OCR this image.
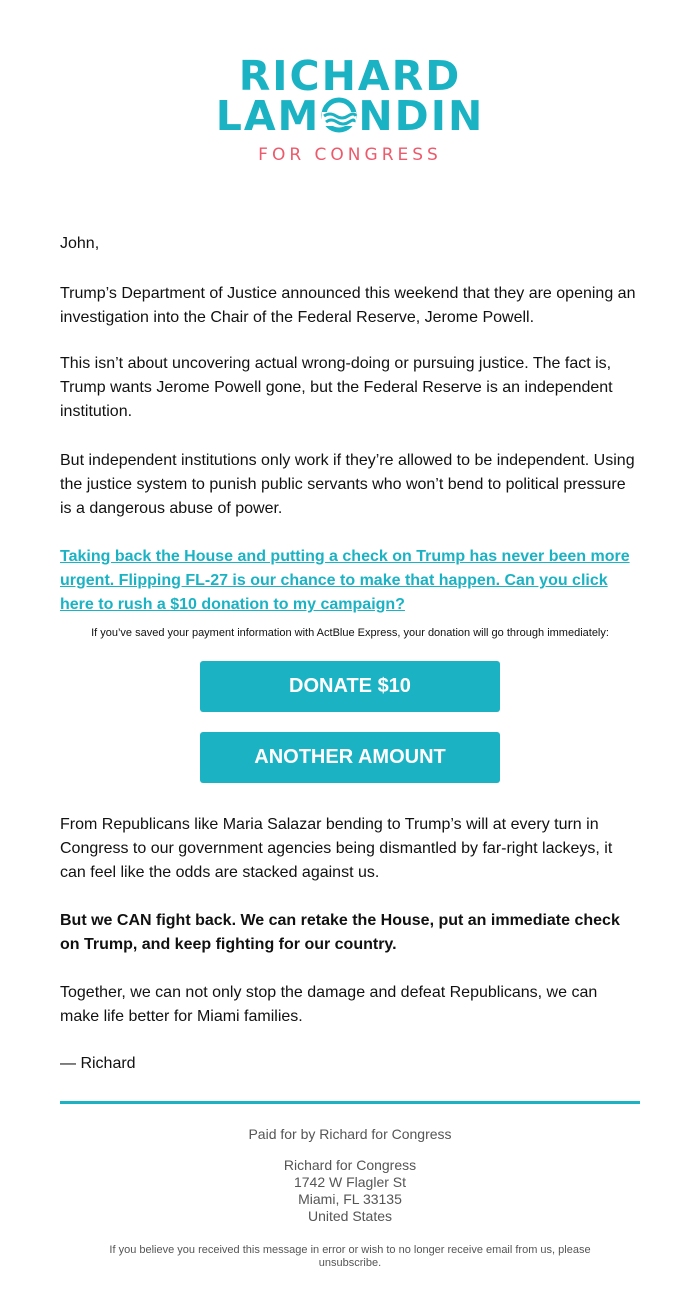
RICHARD
LAM NDIN
FOR CONGRESS

John,

Trump’s Department of Justice announced this weekend that they are opening an investigation into the Chair of the Federal Reserve, Jerome Powell.

This isn’t about uncovering actual wrong-doing or pursuing justice. The fact is, Trump wants Jerome Powell gone, but the Federal Reserve is an independent institution.

But independent institutions only work if they’re allowed to be independent. Using the justice system to punish public servants who won’t bend to political pressure is a dangerous abuse of power.

Taking back the House and putting a check on Trump has never been more urgent. Flipping FL-27 is our chance to make that happen. Can you click here to rush a $10 donation to my campaign?

If you’ve saved your payment information with ActBlue Express, your donation will go through immediately:
DONATE $10
ANOTHER AMOUNT

From Republicans like Maria Salazar bending to Trump’s will at every turn in Congress to our government agencies being dismantled by far-right lackeys, it can feel like the odds are stacked against us.

But we CAN fight back. We can retake the House, put an immediate check on Trump, and keep fighting for our country.

Together, we can not only stop the damage and defeat Republicans, we can make life better for Miami families.

— Richard

Paid for by Richard for Congress
Richard for Congress
1742 W Flagler St
Miami, FL 33135
United States
If you believe you received this message in error or wish to no longer receive email from us, please unsubscribe.
